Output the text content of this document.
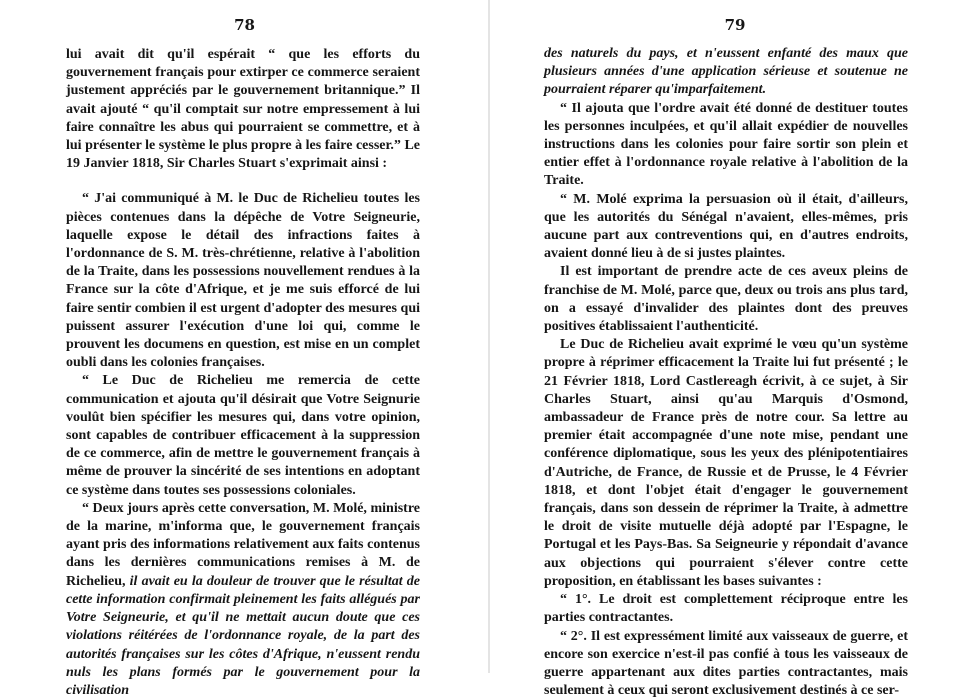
78

lui avait dit qu'il espérait “ que les efforts du gouvernement français pour extirper ce commerce seraient justement appréciés par le gouvernement britannique.” Il avait ajouté “ qu'il comptait sur notre empressement à lui faire connaître les abus qui pourraient se commettre, et à lui présenter le système le plus propre à les faire cesser.” Le 19 Janvier 1818, Sir Charles Stuart s'exprimait ainsi :

“ J'ai communiqué à M. le Duc de Richelieu toutes les pièces contenues dans la dépêche de Votre Seigneurie, laquelle expose le détail des infractions faites à l'ordonnance de S. M. très-chrétienne, relative à l'abolition de la Traite, dans les possessions nouvellement rendues à la France sur la côte d'Afrique, et je me suis efforcé de lui faire sentir combien il est urgent d'adopter des mesures qui puissent assurer l'exécution d'une loi qui, comme le prouvent les documens en question, est mise en un complet oubli dans les colonies françaises.

“ Le Duc de Richelieu me remercia de cette communication et ajouta qu'il désirait que Votre Seignurie voulût bien spécifier les mesures qui, dans votre opinion, sont capables de contribuer efficacement à la suppression de ce commerce, afin de mettre le gouvernement français à même de prouver la sincérité de ses intentions en adoptant ce système dans toutes ses possessions coloniales.

“ Deux jours après cette conversation, M. Molé, ministre de la marine, m'informa que, le gouvernement français ayant pris des informations relativement aux faits contenus dans les dernières communications remises à M. de Richelieu, il avait eu la douleur de trouver que le résultat de cette information confirmait pleinement les faits allégués par Votre Seigneurie, et qu'il ne mettait aucun doute que ces violations réitérées de l'ordonnance royale, de la part des autorités françaises sur les côtes d'Afrique, n'eussent rendu nuls les plans formés par le gouvernement pour la civilisation

79

des naturels du pays, et n'eussent enfanté des maux que plusieurs années d'une application sérieuse et soutenue ne pourraient réparer qu'imparfaitement.

“ Il ajouta que l'ordre avait été donné de destituer toutes les personnes inculpées, et qu'il allait expédier de nouvelles instructions dans les colonies pour faire sortir son plein et entier effet à l'ordonnance royale relative à l'abolition de la Traite.

“ M. Molé exprima la persuasion où il était, d'ailleurs, que les autorités du Sénégal n'avaient, elles-mêmes, pris aucune part aux contreventions qui, en d'autres endroits, avaient donné lieu à de si justes plaintes.

Il est important de prendre acte de ces aveux pleins de franchise de M. Molé, parce que, deux ou trois ans plus tard, on a essayé d'invalider des plaintes dont des preuves positives établissaient l'authenticité.

Le Duc de Richelieu avait exprimé le vœu qu'un système propre à réprimer efficacement la Traite lui fut présenté ; le 21 Février 1818, Lord Castlereagh écrivit, à ce sujet, à Sir Charles Stuart, ainsi qu'au Marquis d'Osmond, ambassadeur de France près de notre cour. Sa lettre au premier était accompagnée d'une note mise, pendant une conférence diplomatique, sous les yeux des plénipotentiaires d'Autriche, de France, de Russie et de Prusse, le 4 Février 1818, et dont l'objet était d'engager le gouvernement français, dans son dessein de réprimer la Traite, à admettre le droit de visite mutuelle déjà adopté par l'Espagne, le Portugal et les Pays-Bas. Sa Seigneurie y répondait d'avance aux objections qui pourraient s'élever contre cette proposition, en établissant les bases suivantes :

“ 1°. Le droit est complettement réciproque entre les parties contractantes.

“ 2°. Il est expressément limité aux vaisseaux de guerre, et encore son exercice n'est-il pas confié à tous les vaisseaux de guerre appartenant aux dites parties contractantes, mais seulement à ceux qui seront exclusivement destinés à ce ser-
